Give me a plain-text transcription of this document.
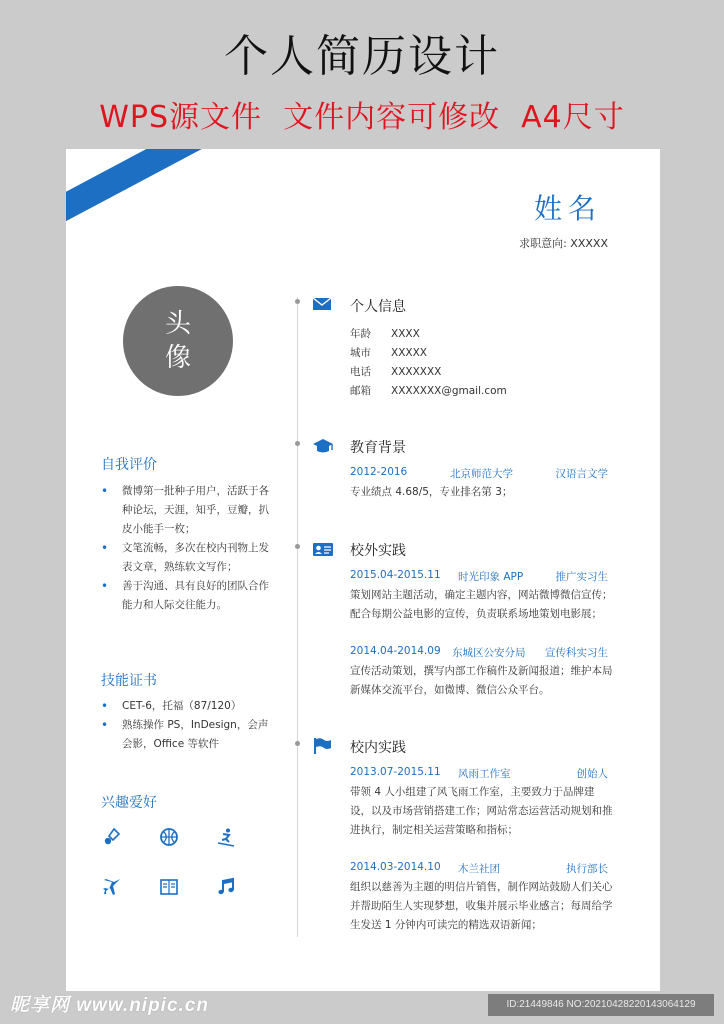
个人简历设计
WPS源文件  文件内容可修改  A4尺寸
RESUME	姓名
求职意向: XXXXX
头
像
自我评价
• 微博第一批种子用户，活跃于各种论坛，天涯，知乎，豆瓣，扒皮小能手一枚；
• 文笔流畅，多次在校内刊物上发表文章，熟练软文写作；
• 善于沟通、具有良好的团队合作能力和人际交往能力。
技能证书
• CET-6，托福（87/120）
• 熟练操作 PS，InDesign，会声会影，Office 等软件
兴趣爱好
个人信息
年龄 XXXX
城市 XXXXX
电话 XXXXXXX
邮箱 XXXXXXX@gmail.com
教育背景
2012-2016	北京师范大学	汉语言文学

专业绩点 4.68/5，专业排名第 3；

校外实践
2015.04-2015.11 时光印象 APP	推广实习生

策划网站主题活动，确定主题内容，网站微博微信宣传；配合每期公益电影的宣传，负责联系场地策划电影展；

2014.04-2014.09 东城区公安分局 宣传科实习生

宣传活动策划，撰写内部工作稿件及新闻报道；维护本局新媒体交流平台，如微博、微信公众平台。

校内实践
2013.07-2015.11 风雨工作室	创始人

带领 4 人小组建了风飞雨工作室，主要致力于品牌建设，以及市场营销搭建工作；网站常态运营活动规划和推进执行，制定相关运营策略和指标；

2014.03-2014.10 木兰社团	执行部长

组织以慈善为主题的明信片销售，制作网站鼓励人们关心并帮助陌生人实现梦想，收集并展示毕业感言；每周给学生发送 1 分钟内可读完的精选双语新闻；

昵享网 www.nipic.cn	ID:21449846 NO:20210428220143064129
